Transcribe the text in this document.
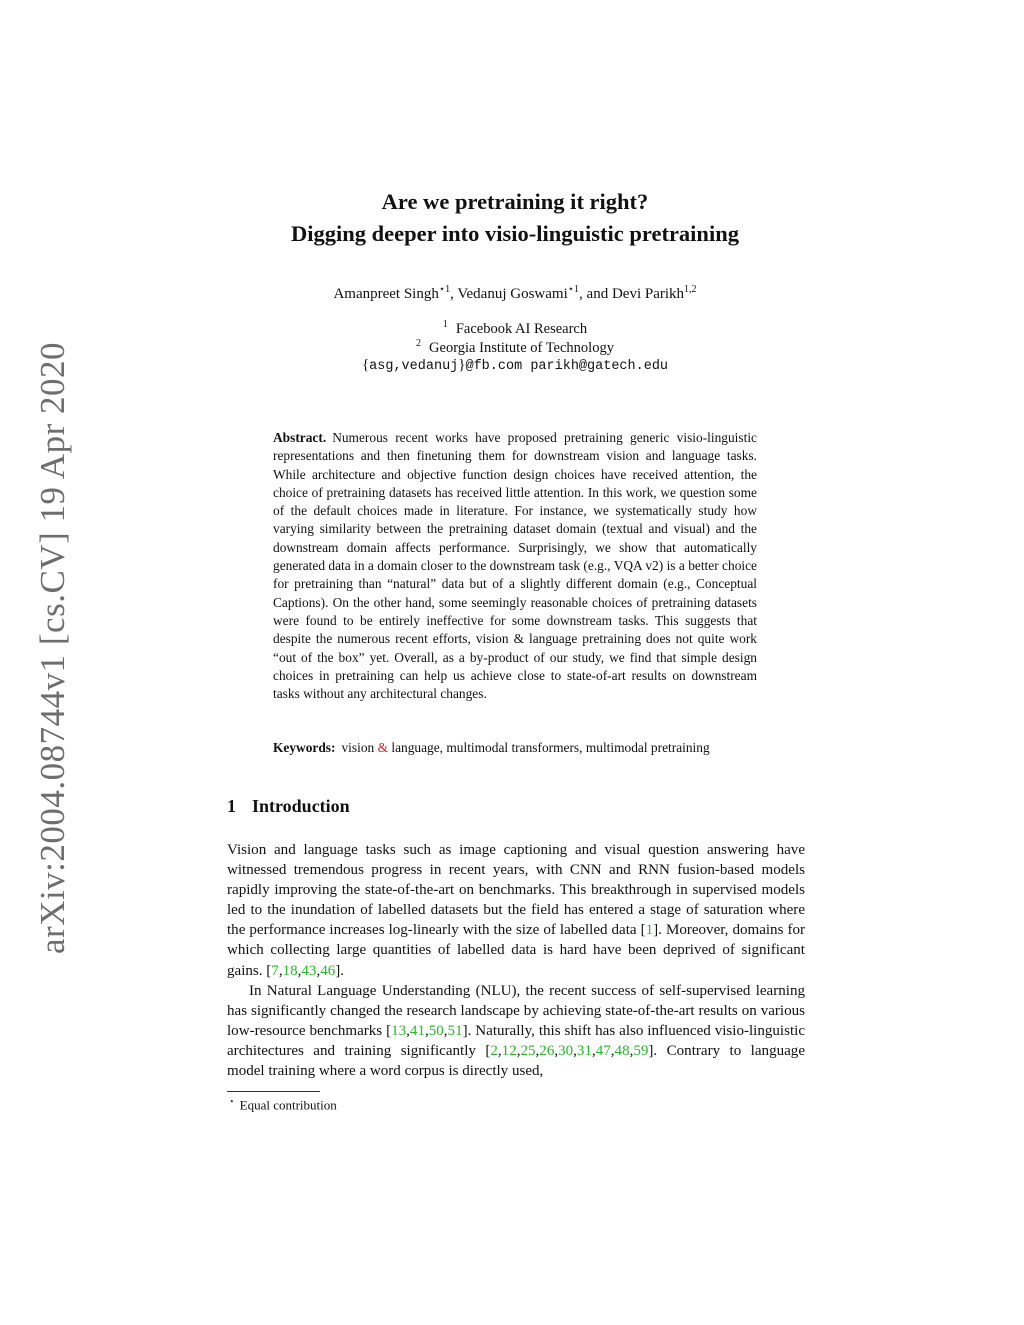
arXiv:2004.08744v1 [cs.CV] 19 Apr 2020
Are we pretraining it right?
Digging deeper into visio-linguistic pretraining
Amanpreet Singh$^{⋆1}$, Vedanuj Goswami$^{⋆1}$, and Devi Parikh$^{1,2}$
$^1$ Facebook AI Research
$^2$ Georgia Institute of Technology
{asg,vedanuj}@fb.com parikh@gatech.edu
Abstract. Numerous recent works have proposed pretraining generic visio-linguistic representations and then finetuning them for downstream vision and language tasks. While architecture and objective function design choices have received attention, the choice of pretraining datasets has received little attention. In this work, we question some of the default choices made in literature. For instance, we systematically study how varying similarity between the pretraining dataset domain (textual and visual) and the downstream domain affects performance. Surprisingly, we show that automatically generated data in a domain closer to the downstream task (e.g., VQA v2) is a better choice for pretraining than “natural” data but of a slightly different domain (e.g., Conceptual Captions). On the other hand, some seemingly reasonable choices of pretraining datasets were found to be entirely ineffective for some downstream tasks. This suggests that despite the numerous recent efforts, vision & language pretraining does not quite work “out of the box” yet. Overall, as a by-product of our study, we find that simple design choices in pretraining can help us achieve close to state-of-art results on downstream tasks without any architectural changes.
Keywords: vision & language, multimodal transformers, multimodal pretraining
1 Introduction

Vision and language tasks such as image captioning and visual question answering have witnessed tremendous progress in recent years, with CNN and RNN fusion-based models rapidly improving the state-of-the-art on benchmarks. This breakthrough in supervised models led to the inundation of labelled datasets but the field has entered a stage of saturation where the performance increases log-linearly with the size of labelled data [1]. Moreover, domains for which collecting large quantities of labelled data is hard have been deprived of significant gains. [7,18,43,46].

In Natural Language Understanding (NLU), the recent success of self-supervised learning has significantly changed the research landscape by achieving state-of-the-art results on various low-resource benchmarks [13,41,50,51]. Naturally, this shift has also influenced visio-linguistic architectures and training significantly [2,12,25,26,30,31,47,48,59]. Contrary to language model training where a word corpus is directly used,

⋆ Equal contribution
